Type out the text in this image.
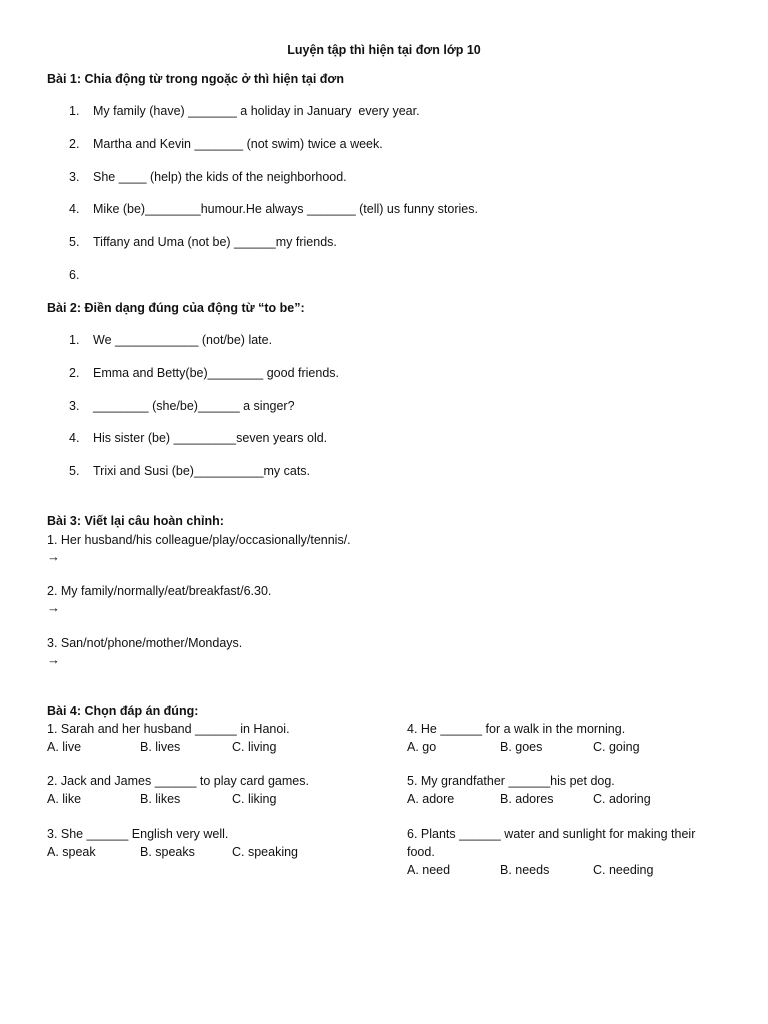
Luyện tập thì hiện tại đơn lớp 10
Bài 1: Chia động từ trong ngoặc ở thì hiện tại đơn
1. My family (have) _______ a holiday in January  every year.
2. Martha and Kevin _______ (not swim) twice a week.
3. She ____ (help) the kids of the neighborhood.
4. Mike (be)________humour.He always _______ (tell) us funny stories.
5. Tiffany and Uma (not be) ______my friends.
6.
Bài 2: Điền dạng đúng của động từ “to be”:
1. We ____________ (not/be) late.
2. Emma and Betty(be)________ good friends.
3. ________ (she/be)______ a singer?
4. His sister (be) _________seven years old.
5. Trixi and Susi (be)__________my cats.
Bài 3: Viết lại câu hoàn chỉnh:
1. Her husband/his colleague/play/occasionally/tennis/.
→
2. My family/normally/eat/breakfast/6.30.
→
3. San/not/phone/mother/Mondays.
→
Bài 4: Chọn đáp án đúng:
1. Sarah and her husband ______ in Hanoi.
A. live	B. lives	C. living
2. Jack and James ______ to play card games.
A. like	B. likes	C. liking
3. She ______ English very well.
A. speak	B. speaks	C. speaking
4. He ______ for a walk in the morning.
A. go	B. goes	C. going
5. My grandfather ______his pet dog.
A. adore	B. adores	C. adoring
6. Plants ______ water and sunlight for making their
food.
A. need	B. needs	C. needing
